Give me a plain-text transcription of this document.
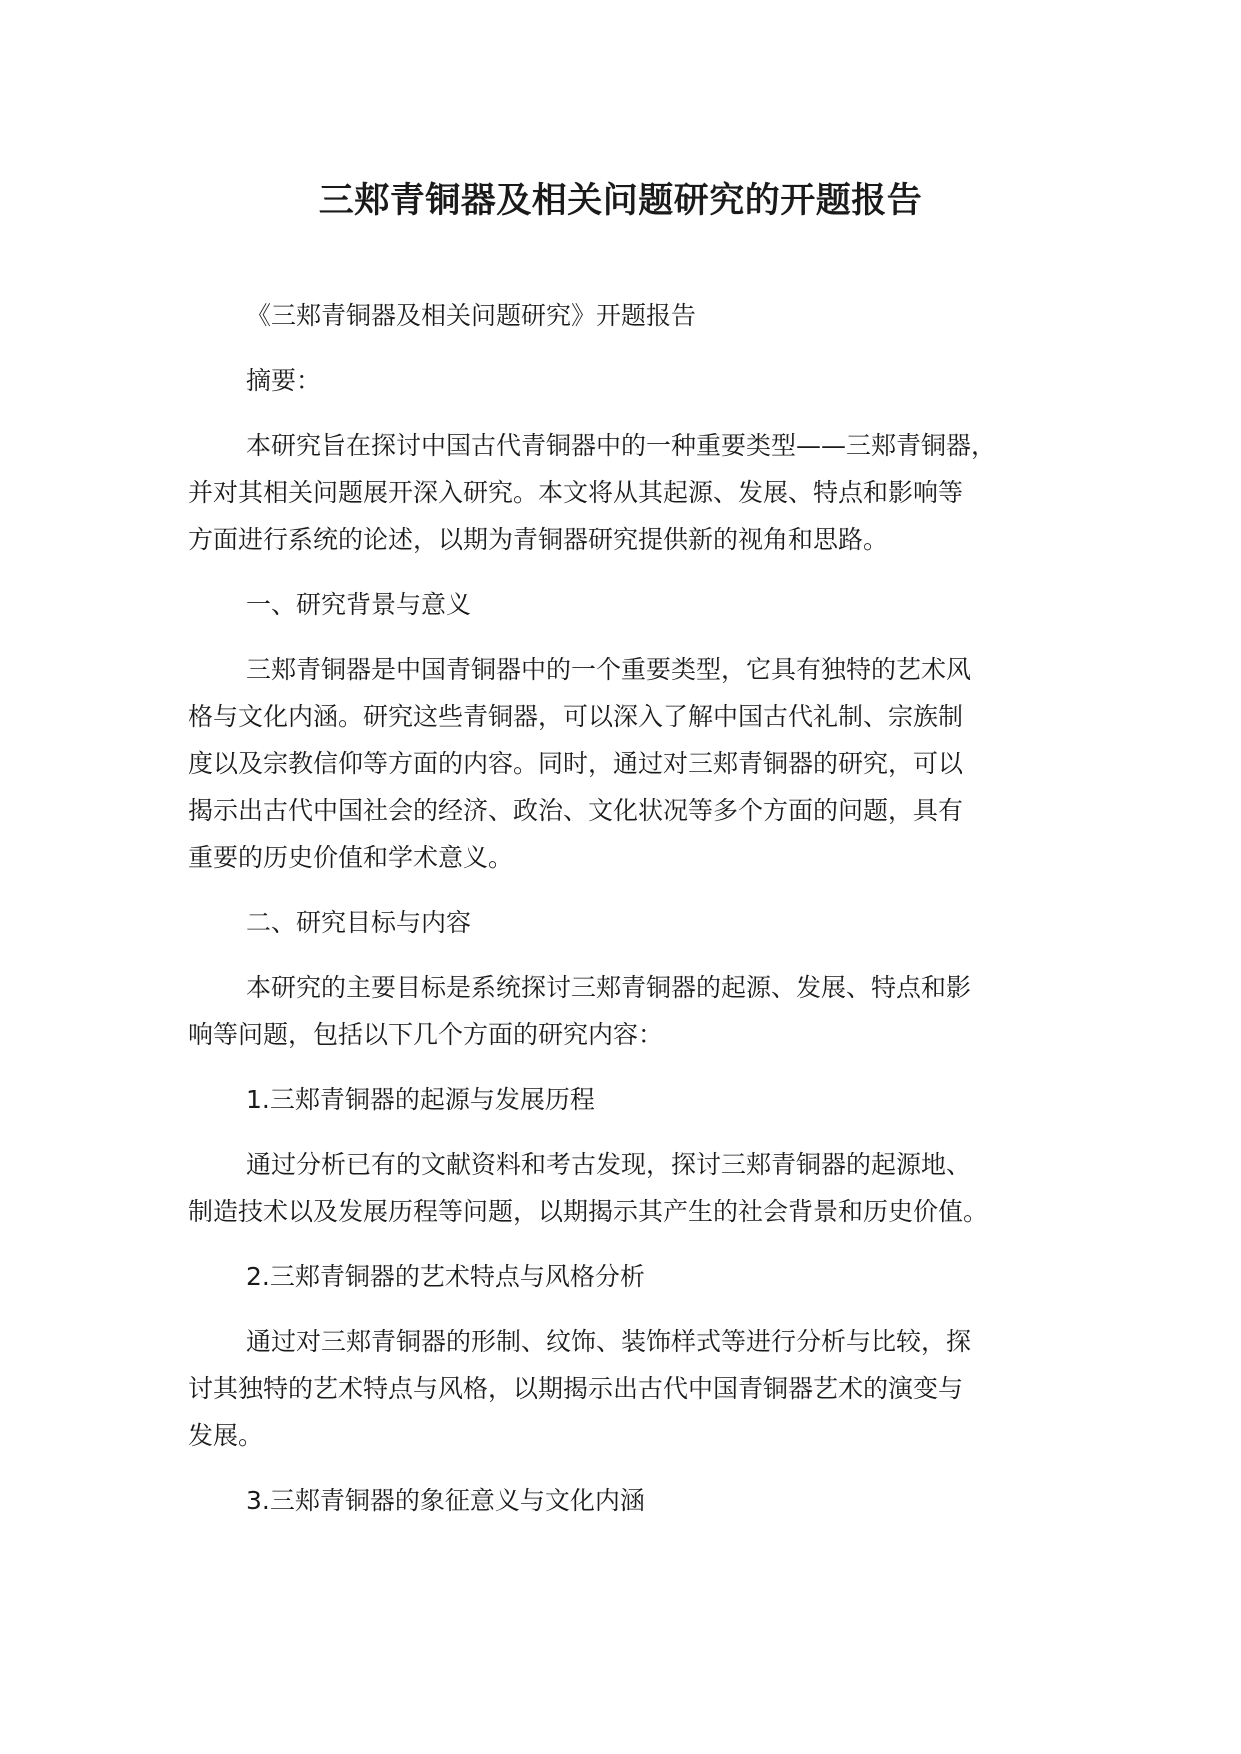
三郏青铜器及相关问题研究的开题报告
《三郏青铜器及相关问题研究》开题报告
摘要：
本研究旨在探讨中国古代青铜器中的一种重要类型——三郏青铜器，
并对其相关问题展开深入研究。本文将从其起源、发展、特点和影响等
方面进行系统的论述，以期为青铜器研究提供新的视角和思路。
一、研究背景与意义
三郏青铜器是中国青铜器中的一个重要类型，它具有独特的艺术风
格与文化内涵。研究这些青铜器，可以深入了解中国古代礼制、宗族制
度以及宗教信仰等方面的内容。同时，通过对三郏青铜器的研究，可以
揭示出古代中国社会的经济、政治、文化状况等多个方面的问题，具有
重要的历史价值和学术意义。
二、研究目标与内容
本研究的主要目标是系统探讨三郏青铜器的起源、发展、特点和影
响等问题，包括以下几个方面的研究内容：
1.三郏青铜器的起源与发展历程
通过分析已有的文献资料和考古发现，探讨三郏青铜器的起源地、
制造技术以及发展历程等问题，以期揭示其产生的社会背景和历史价值。
2.三郏青铜器的艺术特点与风格分析
通过对三郏青铜器的形制、纹饰、装饰样式等进行分析与比较，探
讨其独特的艺术特点与风格，以期揭示出古代中国青铜器艺术的演变与
发展。
3.三郏青铜器的象征意义与文化内涵
